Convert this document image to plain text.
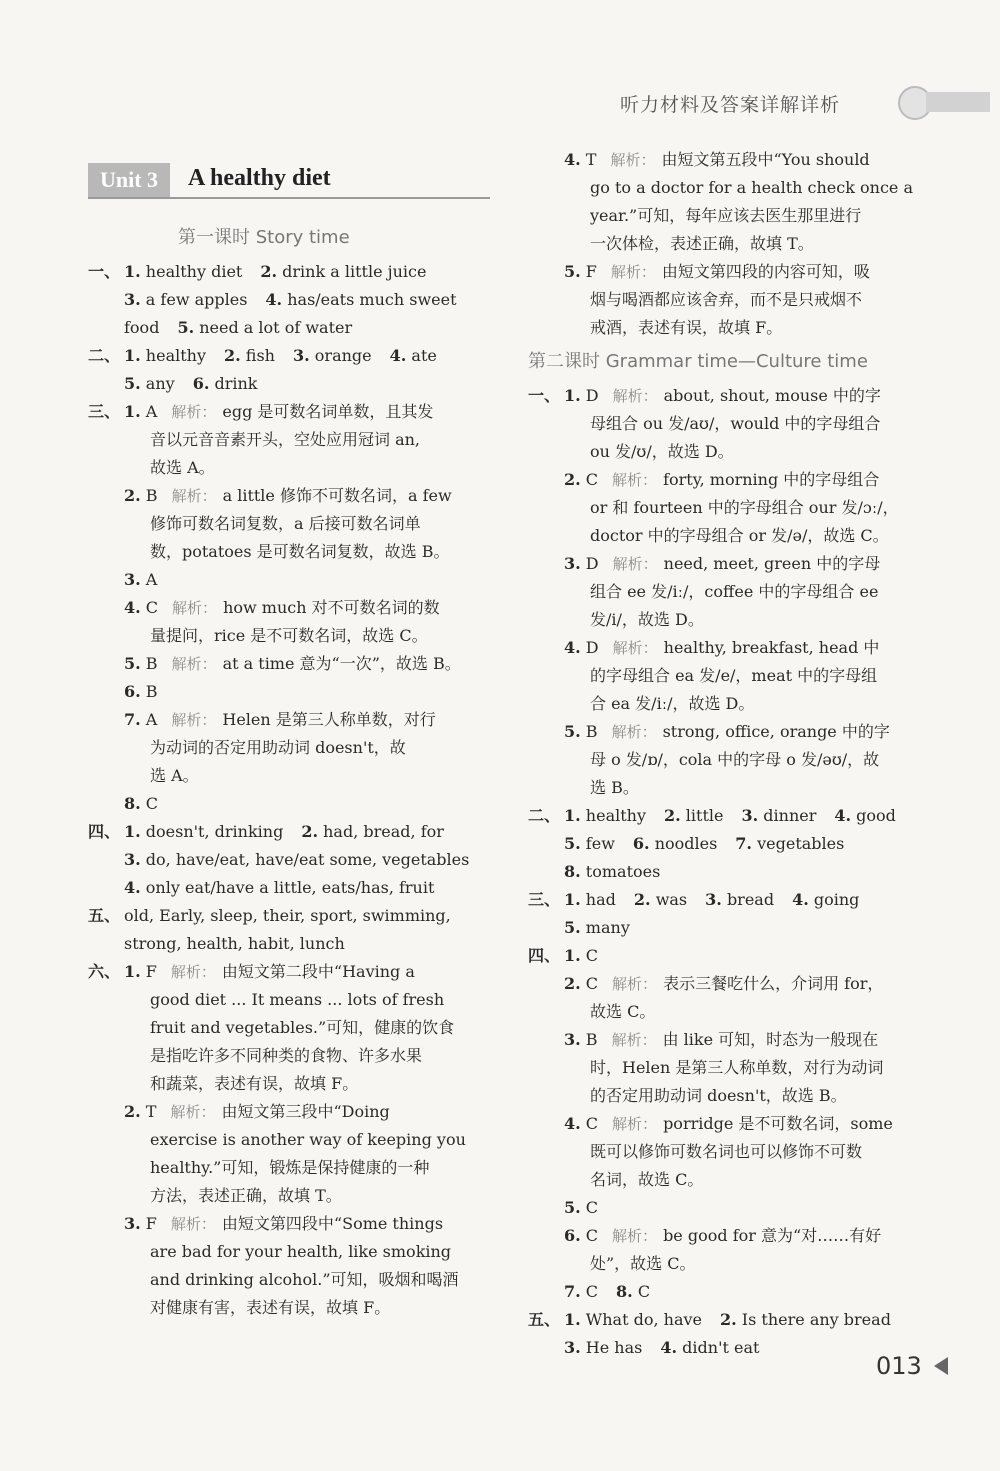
听力材料及答案详解详析
Unit 3	A healthy diet
第一课时 Story time
一、 1. healthy diet 2. drink a little juice
3. a few apples 4. has/eats much sweet
food 5. need a lot of water
二、 1. healthy 2. fish 3. orange 4. ate
5. any 6. drink
三、 1. A 解析： egg 是可数名词单数，且其发
音以元音音素开头，空处应用冠词 an,
故选 A。
2. B 解析： a little 修饰不可数名词，a few
修饰可数名词复数，a 后接可数名词单
数，potatoes 是可数名词复数，故选 B。
3. A
4. C 解析： how much 对不可数名词的数
量提问，rice 是不可数名词，故选 C。
5. B 解析： at a time 意为“一次”，故选 B。
6. B
7. A 解析： Helen 是第三人称单数，对行
为动词的否定用助动词 doesn't，故
选 A。
8. C
四、 1. doesn't, drinking 2. had, bread, for
3. do, have/eat, have/eat some, vegetables
4. only eat/have a little, eats/has, fruit
五、 old, Early, sleep, their, sport, swimming,
strong, health, habit, lunch
六、 1. F 解析： 由短文第二段中“Having a
good diet ... It means ... lots of fresh
fruit and vegetables.”可知，健康的饮食
是指吃许多不同种类的食物、许多水果
和蔬菜，表述有误，故填 F。
2. T 解析： 由短文第三段中“Doing
exercise is another way of keeping you
healthy.”可知，锻炼是保持健康的一种
方法，表述正确，故填 T。
3. F 解析： 由短文第四段中“Some things
are bad for your health, like smoking
and drinking alcohol.”可知，吸烟和喝酒
对健康有害，表述有误，故填 F。
4. T 解析： 由短文第五段中“You should
go to a doctor for a health check once a
year.”可知，每年应该去医生那里进行
一次体检，表述正确，故填 T。
5. F 解析： 由短文第四段的内容可知，吸
烟与喝酒都应该舍弃，而不是只戒烟不
戒酒，表述有误，故填 F。
第二课时 Grammar time—Culture time
一、 1. D 解析： about, shout, mouse 中的字
母组合 ou 发/aʊ/，would 中的字母组合
ou 发/ʊ/，故选 D。
2. C 解析： forty, morning 中的字母组合
or 和 fourteen 中的字母组合 our 发/ɔː/，
doctor 中的字母组合 or 发/ə/，故选 C。
3. D 解析： need, meet, green 中的字母
组合 ee 发/iː/，coffee 中的字母组合 ee
发/i/，故选 D。
4. D 解析： healthy, breakfast, head 中
的字母组合 ea 发/e/，meat 中的字母组
合 ea 发/iː/，故选 D。
5. B 解析： strong, office, orange 中的字
母 o 发/ɒ/，cola 中的字母 o 发/əʊ/，故
选 B。
二、 1. healthy 2. little 3. dinner 4. good
5. few 6. noodles 7. vegetables
8. tomatoes
三、 1. had 2. was 3. bread 4. going
5. many
四、 1. C
2. C 解析： 表示三餐吃什么，介词用 for，
故选 C。
3. B 解析： 由 like 可知，时态为一般现在
时，Helen 是第三人称单数，对行为动词
的否定用助动词 doesn't，故选 B。
4. C 解析： porridge 是不可数名词，some
既可以修饰可数名词也可以修饰不可数
名词，故选 C。
5. C
6. C 解析： be good for 意为“对……有好
处”，故选 C。
7. C 8. C
五、 1. What do, have 2. Is there any bread
3. He has 4. didn't eat
013
